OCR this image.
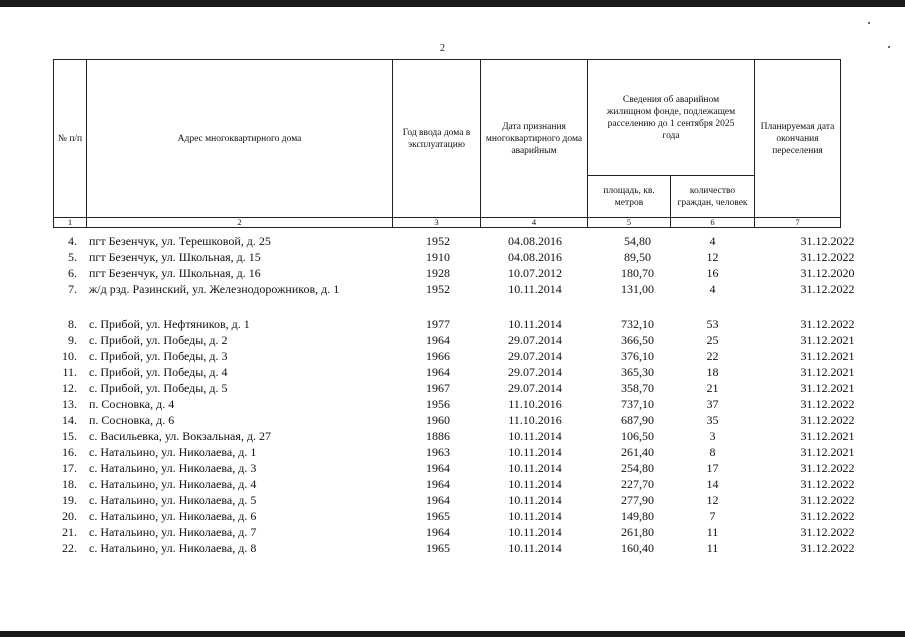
2
№ п/п	Адрес многоквартирного дома	Год ввода дома в эксплуатацию	Дата признания многоквартирного дома аварийным	Сведения об аварийном жилищном фонде, подлежащем расселению до 1 сентября 2025 года		Планируемая дата окончания переселения
				площадь, кв. метров	количество граждан, человек	
1	2	3	4	5	6	7
4. пгт Безенчук, ул. Терешковой, д. 25	1952	04.08.2016	54,80	4	31.12.2022
5. пгт Безенчук, ул. Школьная, д. 15	1910	04.08.2016	89,50	12	31.12.2022
6. пгт Безенчук, ул. Школьная, д. 16	1928	10.07.2012	180,70	16	31.12.2020
7. ж/д рзд. Разинский, ул. Железнодорожников, д. 1	1952	10.11.2014	131,00	4	31.12.2022
8. с. Прибой, ул. Нефтяников, д. 1	1977	10.11.2014	732,10	53	31.12.2022
9. с. Прибой, ул. Победы, д. 2	1964	29.07.2014	366,50	25	31.12.2021
10. с. Прибой, ул. Победы, д. 3	1966	29.07.2014	376,10	22	31.12.2021
11. с. Прибой, ул. Победы, д. 4	1964	29.07.2014	365,30	18	31.12.2021
12. с. Прибой, ул. Победы, д. 5	1967	29.07.2014	358,70	21	31.12.2021
13. п. Сосновка, д. 4	1956	11.10.2016	737,10	37	31.12.2022
14. п. Сосновка, д. 6	1960	11.10.2016	687,90	35	31.12.2022
15. с. Васильевка, ул. Вокзальная, д. 27	1886	10.11.2014	106,50	3	31.12.2021
16. с. Натальино, ул. Николаева, д. 1	1963	10.11.2014	261,40	8	31.12.2021
17. с. Натальино, ул. Николаева, д. 3	1964	10.11.2014	254,80	17	31.12.2022
18. с. Натальино, ул. Николаева, д. 4	1964	10.11.2014	227,70	14	31.12.2022
19. с. Натальино, ул. Николаева, д. 5	1964	10.11.2014	277,90	12	31.12.2022
20. с. Натальино, ул. Николаева, д. 6	1965	10.11.2014	149,80	7	31.12.2022
21. с. Натальино, ул. Николаева, д. 7	1964	10.11.2014	261,80	11	31.12.2022
22. с. Натальино, ул. Николаева, д. 8	1965	10.11.2014	160,40	11	31.12.2022
